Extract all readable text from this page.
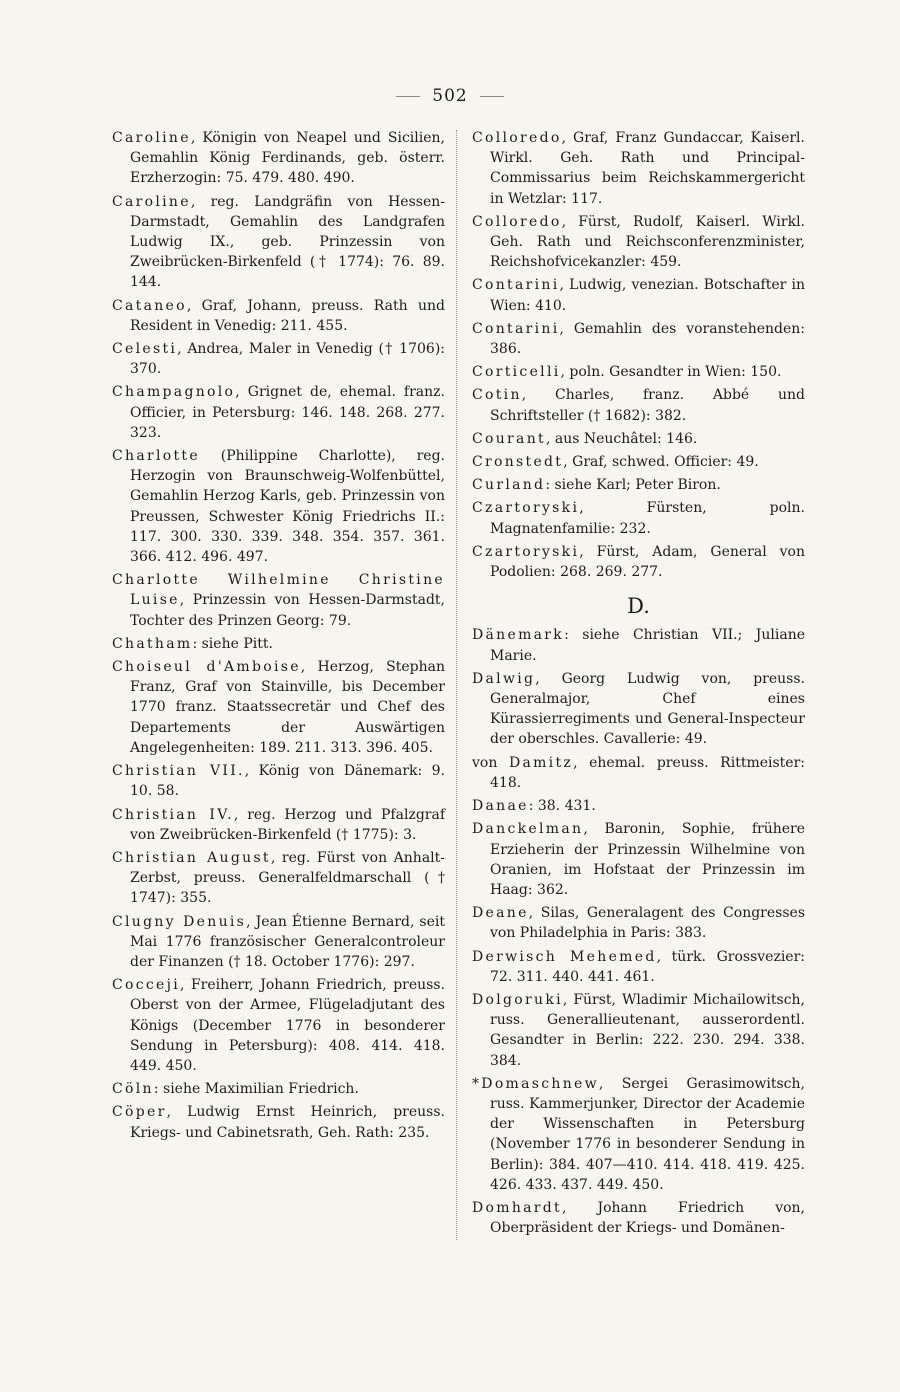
502
Caroline, Königin von Neapel und Sicilien, Gemahlin König Ferdinands, geb. österr. Erzherzogin: 75. 479. 480. 490.
Caroline, reg. Landgräfin von Hessen-Darmstadt, Gemahlin des Landgrafen Ludwig IX., geb. Prinzessin von Zweibrücken-Birkenfeld († 1774): 76. 89. 144.
Cataneo, Graf, Johann, preuss. Rath und Resident in Venedig: 211. 455.
Celesti, Andrea, Maler in Venedig († 1706): 370.
Champagnolo, Grignet de, ehemal. franz. Officier, in Petersburg: 146. 148. 268. 277. 323.
Charlotte (Philippine Charlotte), reg. Herzogin von Braunschweig-Wolfenbüttel, Gemahlin Herzog Karls, geb. Prinzessin von Preussen, Schwester König Friedrichs II.: 117. 300. 330. 339. 348. 354. 357. 361. 366. 412. 496. 497.
Charlotte Wilhelmine Christine Luise, Prinzessin von Hessen-Darmstadt, Tochter des Prinzen Georg: 79.
Chatham: siehe Pitt.
Choiseul d'Amboise, Herzog, Stephan Franz, Graf von Stainville, bis December 1770 franz. Staatssecretär und Chef des Departements der Auswärtigen Angelegenheiten: 189. 211. 313. 396. 405.
Christian VII., König von Dänemark: 9. 10. 58.
Christian IV., reg. Herzog und Pfalzgraf von Zweibrücken-Birkenfeld († 1775): 3.
Christian August, reg. Fürst von Anhalt-Zerbst, preuss. Generalfeldmarschall († 1747): 355.
Clugny Denuis, Jean Étienne Bernard, seit Mai 1776 französischer Generalcontroleur der Finanzen († 18. October 1776): 297.
Cocceji, Freiherr, Johann Friedrich, preuss. Oberst von der Armee, Flügeladjutant des Königs (December 1776 in besonderer Sendung in Petersburg): 408. 414. 418. 449. 450.
Cöln: siehe Maximilian Friedrich.
Cöper, Ludwig Ernst Heinrich, preuss. Kriegs- und Cabinetsrath, Geh. Rath: 235.
Colloredo, Graf, Franz Gundaccar, Kaiserl. Wirkl. Geh. Rath und Principal-Commissarius beim Reichskammergericht in Wetzlar: 117.
Colloredo, Fürst, Rudolf, Kaiserl. Wirkl. Geh. Rath und Reichsconferenzminister, Reichshofvicekanzler: 459.
Contarini, Ludwig, venezian. Botschafter in Wien: 410.
Contarini, Gemahlin des voranstehenden: 386.
Corticelli, poln. Gesandter in Wien: 150.
Cotin, Charles, franz. Abbé und Schriftsteller († 1682): 382.
Courant, aus Neuchâtel: 146.
Cronstedt, Graf, schwed. Officier: 49.
Curland: siehe Karl; Peter Biron.
Czartoryski, Fürsten, poln. Magnatenfamilie: 232.
Czartoryski, Fürst, Adam, General von Podolien: 268. 269. 277.
D.
Dänemark: siehe Christian VII.; Juliane Marie.
Dalwig, Georg Ludwig von, preuss. Generalmajor, Chef eines Kürassierregiments und General-Inspecteur der oberschles. Cavallerie: 49.
von Damitz, ehemal. preuss. Rittmeister: 418.
Danae: 38. 431.
Danckelman, Baronin, Sophie, frühere Erzieherin der Prinzessin Wilhelmine von Oranien, im Hofstaat der Prinzessin im Haag: 362.
Deane, Silas, Generalagent des Congresses von Philadelphia in Paris: 383.
Derwisch Mehemed, türk. Grossvezier: 72. 311. 440. 441. 461.
Dolgoruki, Fürst, Wladimir Michailowitsch, russ. Generallieutenant, ausserordentl. Gesandter in Berlin: 222. 230. 294. 338. 384.
*Domaschnew, Sergei Gerasimowitsch, russ. Kammerjunker, Director der Academie der Wissenschaften in Petersburg (November 1776 in besonderer Sendung in Berlin): 384. 407—410. 414. 418. 419. 425. 426. 433. 437. 449. 450.
Domhardt, Johann Friedrich von, Oberpräsident der Kriegs- und Domänen-
